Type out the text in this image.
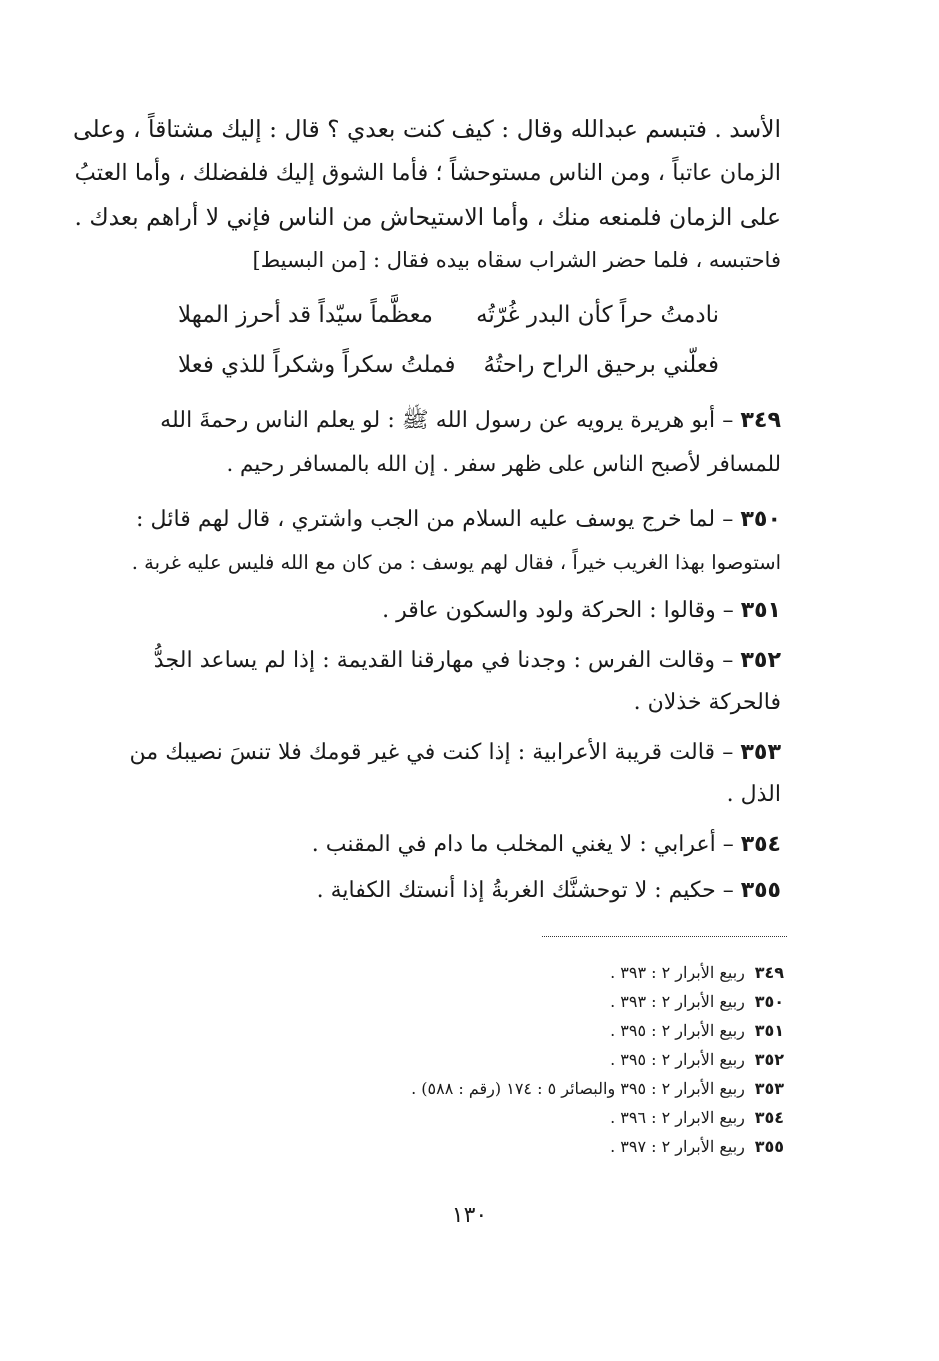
الأسد . فتبسم عبدالله وقال : كيف كنت بعدي ؟ قال : إليك مشتاقاً ، وعلى
الزمان عاتباً ، ومن الناس مستوحشاً ؛ فأما الشوق إليك فلفضلك ، وأما العتبُ
على الزمان فلمنعه منك ، وأما الاستيحاش من الناس فإني لا أراهم بعدك .
فاحتبسه ، فلما حضر الشراب سقاه بيده فقال : [من البسيط]
نادمتُ حراً كأن البدر غُرّتُه
معظَّماً سيّداً قد أحرز المهلا
فعلّني برحيق الراح راحتُهُ
فملتُ سكراً وشكراً للذي فعلا
٣٤٩ – أبو هريرة يرويه عن رسول الله ﷺ : لو يعلم الناس رحمةَ الله
للمسافر لأصبح الناس على ظهر سفر . إن الله بالمسافر رحيم .
٣٥٠ – لما خرج يوسف عليه السلام من الجب واشتري ، قال لهم قائل :
استوصوا بهذا الغريب خيراً ، فقال لهم يوسف : من كان مع الله فليس عليه غربة .
٣٥١ – وقالوا : الحركة ولود والسكون عاقر .
٣٥٢ – وقالت الفرس : وجدنا في مهارقنا القديمة : إذا لم يساعد الجدُّ
فالحركة خذلان .
٣٥٣ – قالت قريبة الأعرابية : إذا كنت في غير قومك فلا تنسَ نصيبك من
الذل .
٣٥٤ – أعرابي : لا يغني المخلب ما دام في المقنب .
٣٥٥ – حكيم : لا توحشنَّك الغربةُ إذا أنستك الكفاية .
٣٤٩ ربيع الأبرار ٢ : ٣٩٣ .
٣٥٠ ربيع الأبرار ٢ : ٣٩٣ .
٣٥١ ربيع الأبرار ٢ : ٣٩٥ .
٣٥٢ ربيع الأبرار ٢ : ٣٩٥ .
٣٥٣ ربيع الأبرار ٢ : ٣٩٥ والبصائر ٥ : ١٧٤ (رقم : ٥٨٨) .
٣٥٤ ربيع الابرار ٢ : ٣٩٦ .
٣٥٥ ربيع الأبرار ٢ : ٣٩٧ .
١٣٠
